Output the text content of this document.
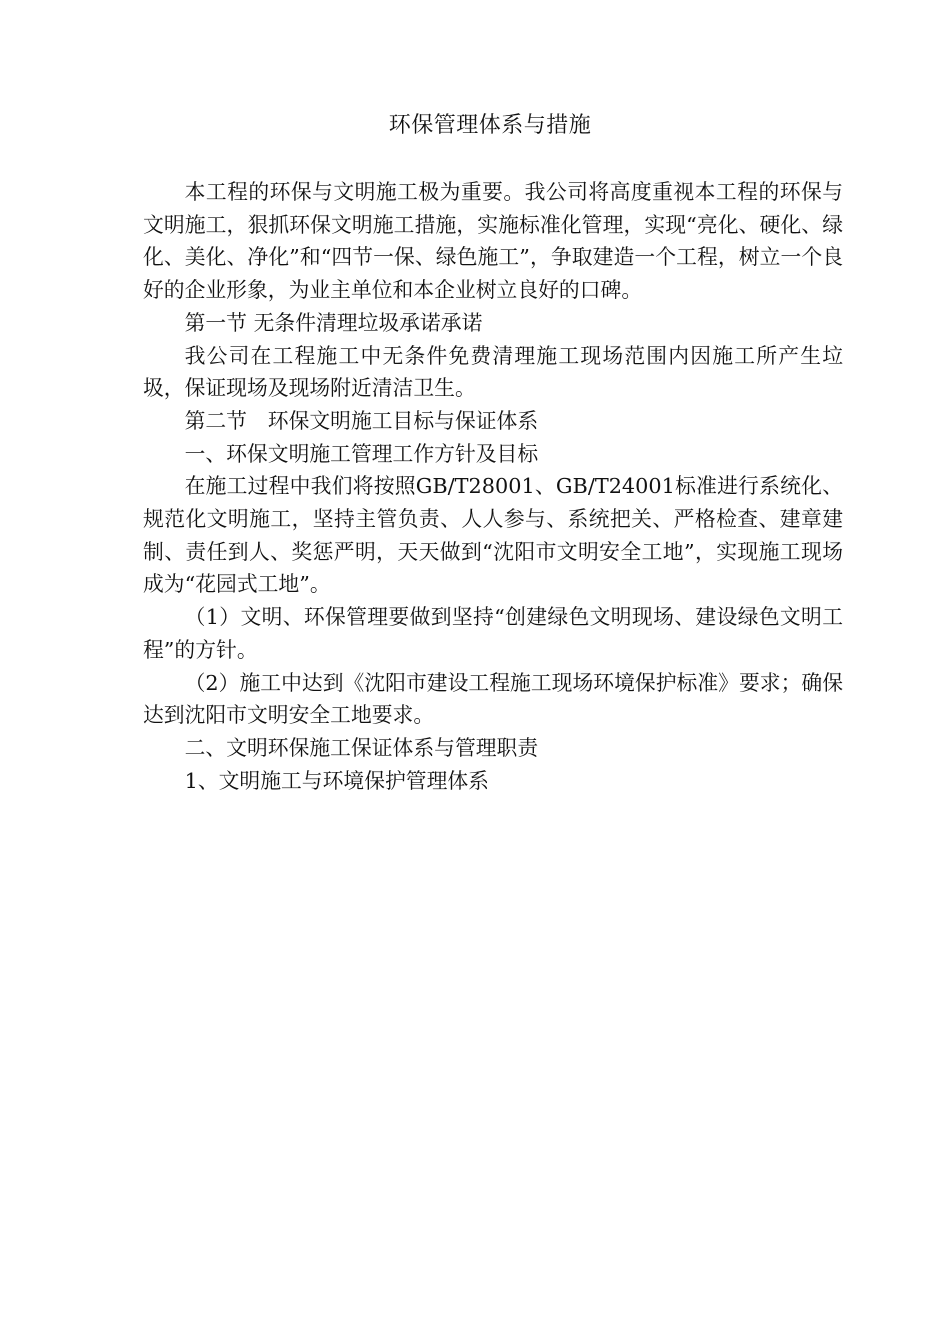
环保管理体系与措施

本工程的环保与文明施工极为重要。我公司将高度重视本工程的环保与文明施工，狠抓环保文明施工措施，实施标准化管理，实现“亮化、硬化、绿化、美化、净化”和“四节一保、绿色施工”，争取建造一个工程，树立一个良好的企业形象，为业主单位和本企业树立良好的口碑。

第一节 无条件清理垃圾承诺承诺

我公司在工程施工中无条件免费清理施工现场范围内因施工所产生垃圾，保证现场及现场附近清洁卫生。

第二节　环保文明施工目标与保证体系

一、环保文明施工管理工作方针及目标

在施工过程中我们将按照GB/T28001、GB/T24001标准进行系统化、规范化文明施工，坚持主管负责、人人参与、系统把关、严格检查、建章建制、责任到人、奖惩严明，天天做到“沈阳市文明安全工地”，实现施工现场成为“花园式工地”。

（1）文明、环保管理要做到坚持“创建绿色文明现场、建设绿色文明工程”的方针。

（2）施工中达到《沈阳市建设工程施工现场环境保护标准》要求；确保达到沈阳市文明安全工地要求。

二、文明环保施工保证体系与管理职责

1、文明施工与环境保护管理体系
